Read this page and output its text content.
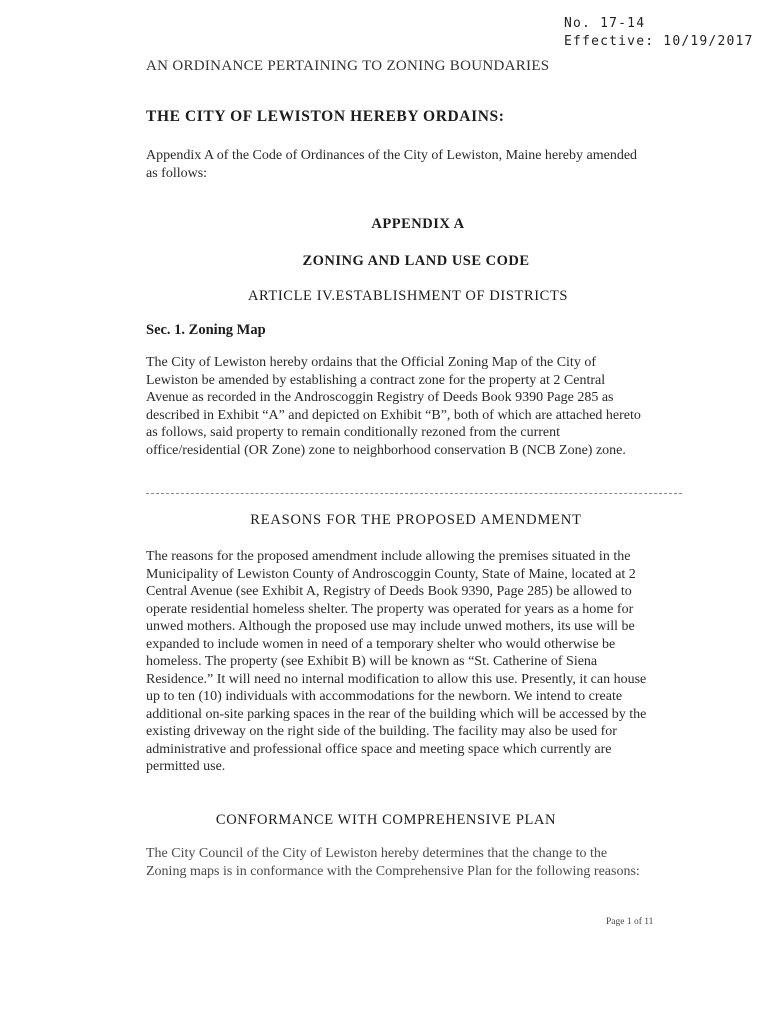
No. 17-14
Effective: 10/19/2017
AN ORDINANCE PERTAINING TO ZONING BOUNDARIES
THE CITY OF LEWISTON HEREBY ORDAINS:
Appendix A of the Code of Ordinances of the City of Lewiston, Maine hereby amended
as follows:
APPENDIX A
ZONING AND LAND USE CODE
ARTICLE IV.ESTABLISHMENT OF DISTRICTS
Sec. 1. Zoning Map
The City of Lewiston hereby ordains that the Official Zoning Map of the City of
Lewiston be amended by establishing a contract zone for the property at 2 Central
Avenue as recorded in the Androscoggin Registry of Deeds Book 9390 Page 285 as
described in Exhibit “A” and depicted on Exhibit “B”, both of which are attached hereto
as follows, said property to remain conditionally rezoned from the current
office/residential (OR Zone) zone to neighborhood conservation B (NCB Zone) zone.
REASONS FOR THE PROPOSED AMENDMENT
The reasons for the proposed amendment include allowing the premises situated in the
Municipality of Lewiston County of Androscoggin County, State of Maine, located at 2
Central Avenue (see Exhibit A, Registry of Deeds Book 9390, Page 285) be allowed to
operate residential homeless shelter. The property was operated for years as a home for
unwed mothers. Although the proposed use may include unwed mothers, its use will be
expanded to include women in need of a temporary shelter who would otherwise be
homeless. The property (see Exhibit B) will be known as “St. Catherine of Siena
Residence.” It will need no internal modification to allow this use. Presently, it can house
up to ten (10) individuals with accommodations for the newborn. We intend to create
additional on-site parking spaces in the rear of the building which will be accessed by the
existing driveway on the right side of the building. The facility may also be used for
administrative and professional office space and meeting space which currently are
permitted use.
CONFORMANCE WITH COMPREHENSIVE PLAN
The City Council of the City of Lewiston hereby determines that the change to the
Zoning maps is in conformance with the Comprehensive Plan for the following reasons:
Page 1 of 11
